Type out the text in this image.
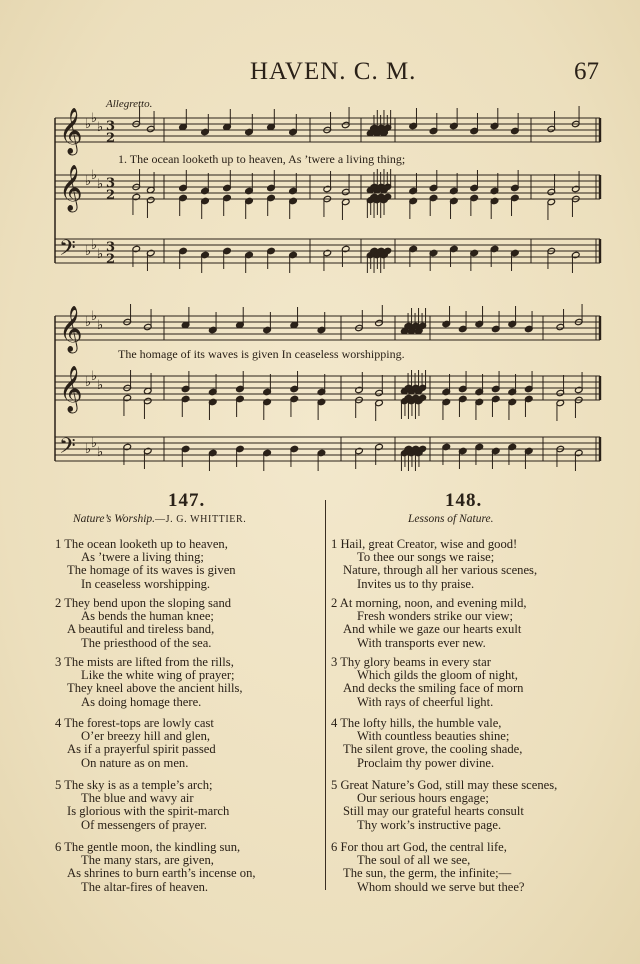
HAVEN. C. M.	67
Allegretto.
𝄞
𝄞
𝄢
♭ ♭
♭
♭ ♭
♭
♭ ♭
♭
3
2
3
2
3
2
𝄞
𝄞
𝄢
♭ ♭
♭
♭ ♭
♭
♭ ♭
♭
1. The ocean looketh up to heaven, As ’twere a living thing;
The homage of its waves is given In ceaseless worshipping.
147.
Nature’s Worship.—J. G. WHITTIER.
1 The ocean looketh up to heaven,
As ’twere a living thing;
The homage of its waves is given
In ceaseless worshipping.
2 They bend upon the sloping sand
As bends the human knee;
A beautiful and tireless band,
The priesthood of the sea.
3 The mists are lifted from the rills,
Like the white wing of prayer;
They kneel above the ancient hills,
As doing homage there.
4 The forest-tops are lowly cast
O’er breezy hill and glen,
As if a prayerful spirit passed
On nature as on men.
5 The sky is as a temple’s arch;
The blue and wavy air
Is glorious with the spirit-march
Of messengers of prayer.
6 The gentle moon, the kindling sun,
The many stars, are given,
As shrines to burn earth’s incense on,
The altar-fires of heaven.
148.
Lessons of Nature.
1 Hail, great Creator, wise and good!
To thee our songs we raise;
Nature, through all her various scenes,
Invites us to thy praise.
2 At morning, noon, and evening mild,
Fresh wonders strike our view;
And while we gaze our hearts exult
With transports ever new.
3 Thy glory beams in every star
Which gilds the gloom of night,
And decks the smiling face of morn
With rays of cheerful light.
4 The lofty hills, the humble vale,
With countless beauties shine;
The silent grove, the cooling shade,
Proclaim thy power divine.
5 Great Nature’s God, still may these scenes,
Our serious hours engage;
Still may our grateful hearts consult
Thy work’s instructive page.
6 For thou art God, the central life,
The soul of all we see,
The sun, the germ, the infinite;—
Whom should we serve but thee?
